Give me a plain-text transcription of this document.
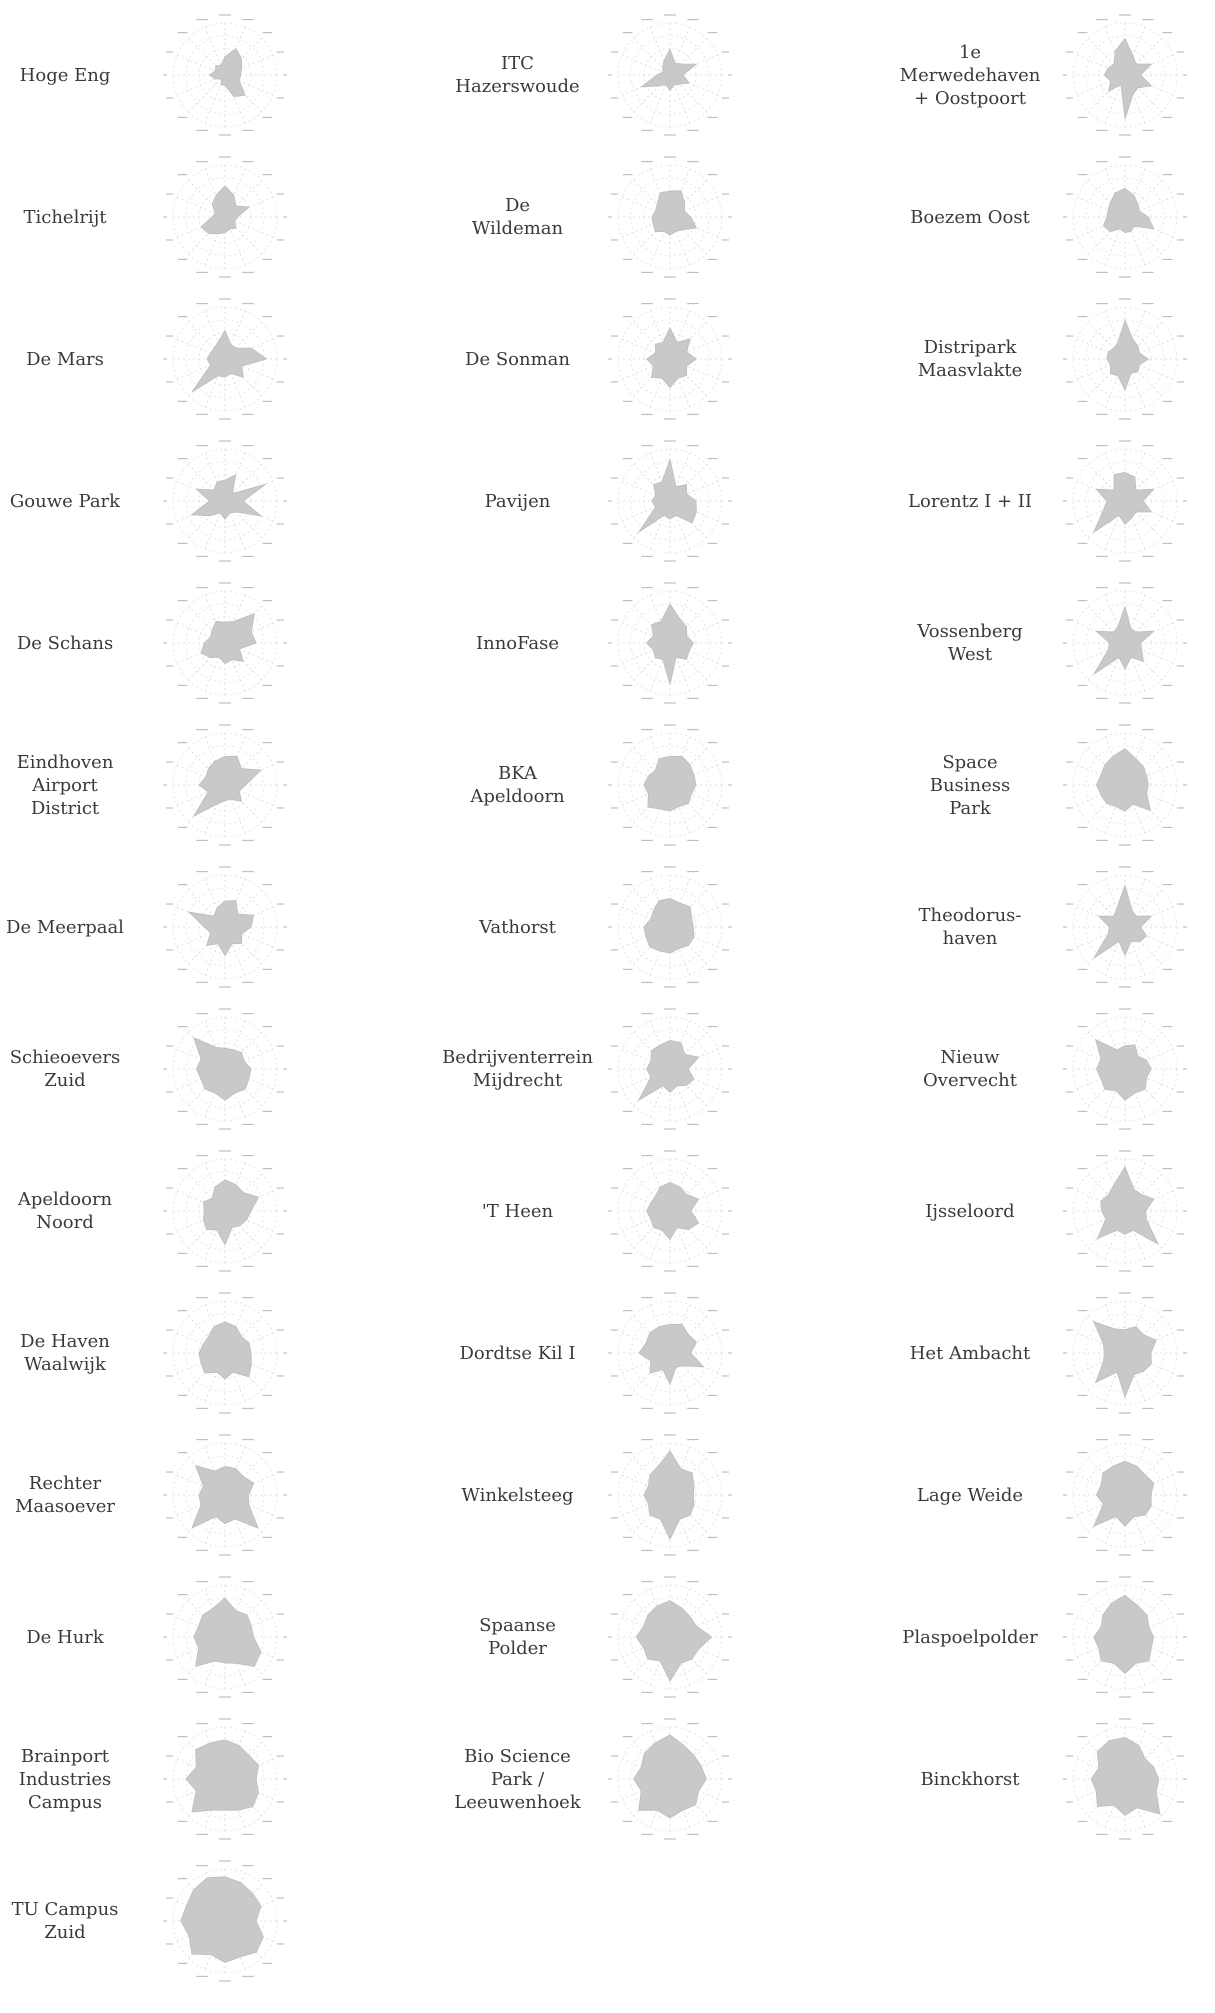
Hoge Eng
ITC
Hazerswoude
1e
Merwedehaven
+ Oostpoort
Tichelrijt
De
Wildeman
Boezem Oost
De Mars	De Sonman
Distripark
Maasvlakte
Gouwe Park	Pavijen	Lorentz I + II
De Schans	InnoFase
Vossenberg
West
Eindhoven
Airport
District
BKA
Apeldoorn
Space
Business
Park
De Meerpaal	Vathorst
Theodorus-
haven
Schieoevers
Zuid
Bedrijventerrein
Mijdrecht
Nieuw
Overvecht
Apeldoorn
Noord
'T Heen	Ijsseloord
De Haven
Waalwijk
Dordtse Kil I	Het Ambacht
Rechter
Maasoever
Winkelsteeg	Lage Weide
De Hurk
Spaanse
Polder
Plaspoelpolder
Brainport
Industries
Campus
Bio Science
Park /
Leeuwenhoek
Binckhorst
TU Campus
Zuid
